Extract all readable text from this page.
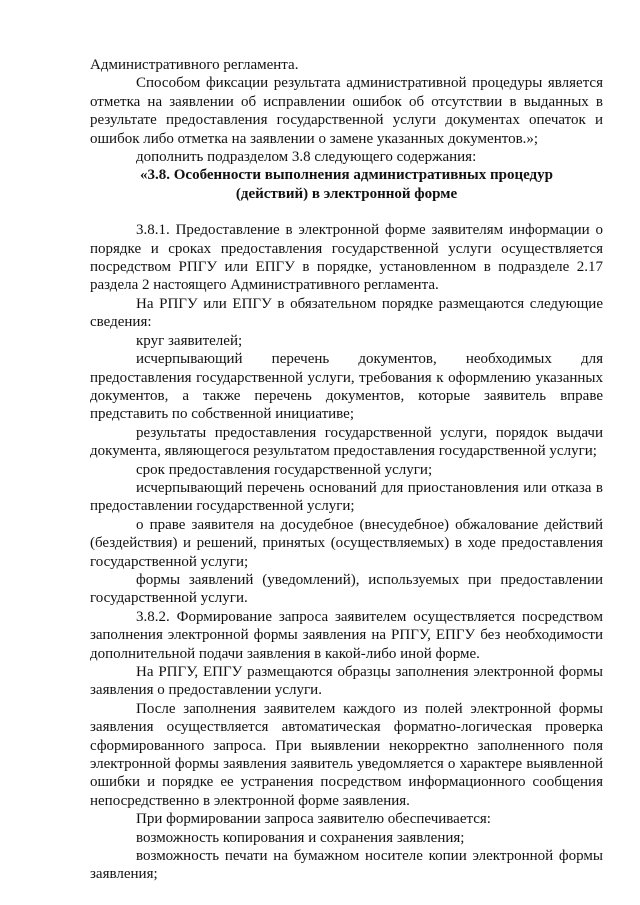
Административного регламента.

Способом фиксации результата административной процедуры является отметка на заявлении об исправлении ошибок об отсутствии в выданных в результате предоставления государственной услуги документах опечаток и ошибок либо отметка на заявлении о замене указанных документов.»;

дополнить подразделом 3.8 следующего содержания:

«3.8. Особенности выполнения административных процедур (действий) в электронной форме

3.8.1. Предоставление в электронной форме заявителям информации о порядке и сроках предоставления государственной услуги осуществляется посредством РПГУ или ЕПГУ в порядке, установленном в подразделе 2.17 раздела 2 настоящего Административного регламента.

На РПГУ или ЕПГУ в обязательном порядке размещаются следующие сведения:

круг заявителей;

исчерпывающий перечень документов, необходимых для предоставления государственной услуги, требования к оформлению указанных документов, а также перечень документов, которые заявитель вправе представить по собственной инициативе;

результаты предоставления государственной услуги, порядок выдачи документа, являющегося результатом предоставления государственной услуги;

срок предоставления государственной услуги;

исчерпывающий перечень оснований для приостановления или отказа в предоставлении государственной услуги;

о праве заявителя на досудебное (внесудебное) обжалование действий (бездействия) и решений, принятых (осуществляемых) в ходе предоставления государственной услуги;

формы заявлений (уведомлений), используемых при предоставлении государственной услуги.

3.8.2. Формирование запроса заявителем осуществляется посредством заполнения электронной формы заявления на РПГУ, ЕПГУ без необходимости дополнительной подачи заявления в какой-либо иной форме.

На РПГУ, ЕПГУ размещаются образцы заполнения электронной формы заявления о предоставлении услуги.

После заполнения заявителем каждого из полей электронной формы заявления осуществляется автоматическая форматно-логическая проверка сформированного запроса. При выявлении некорректно заполненного поля электронной формы заявления заявитель уведомляется о характере выявленной ошибки и порядке ее устранения посредством информационного сообщения непосредственно в электронной форме заявления.

При формировании запроса заявителю обеспечивается:

возможность копирования и сохранения заявления;

возможность печати на бумажном носителе копии электронной формы заявления;
